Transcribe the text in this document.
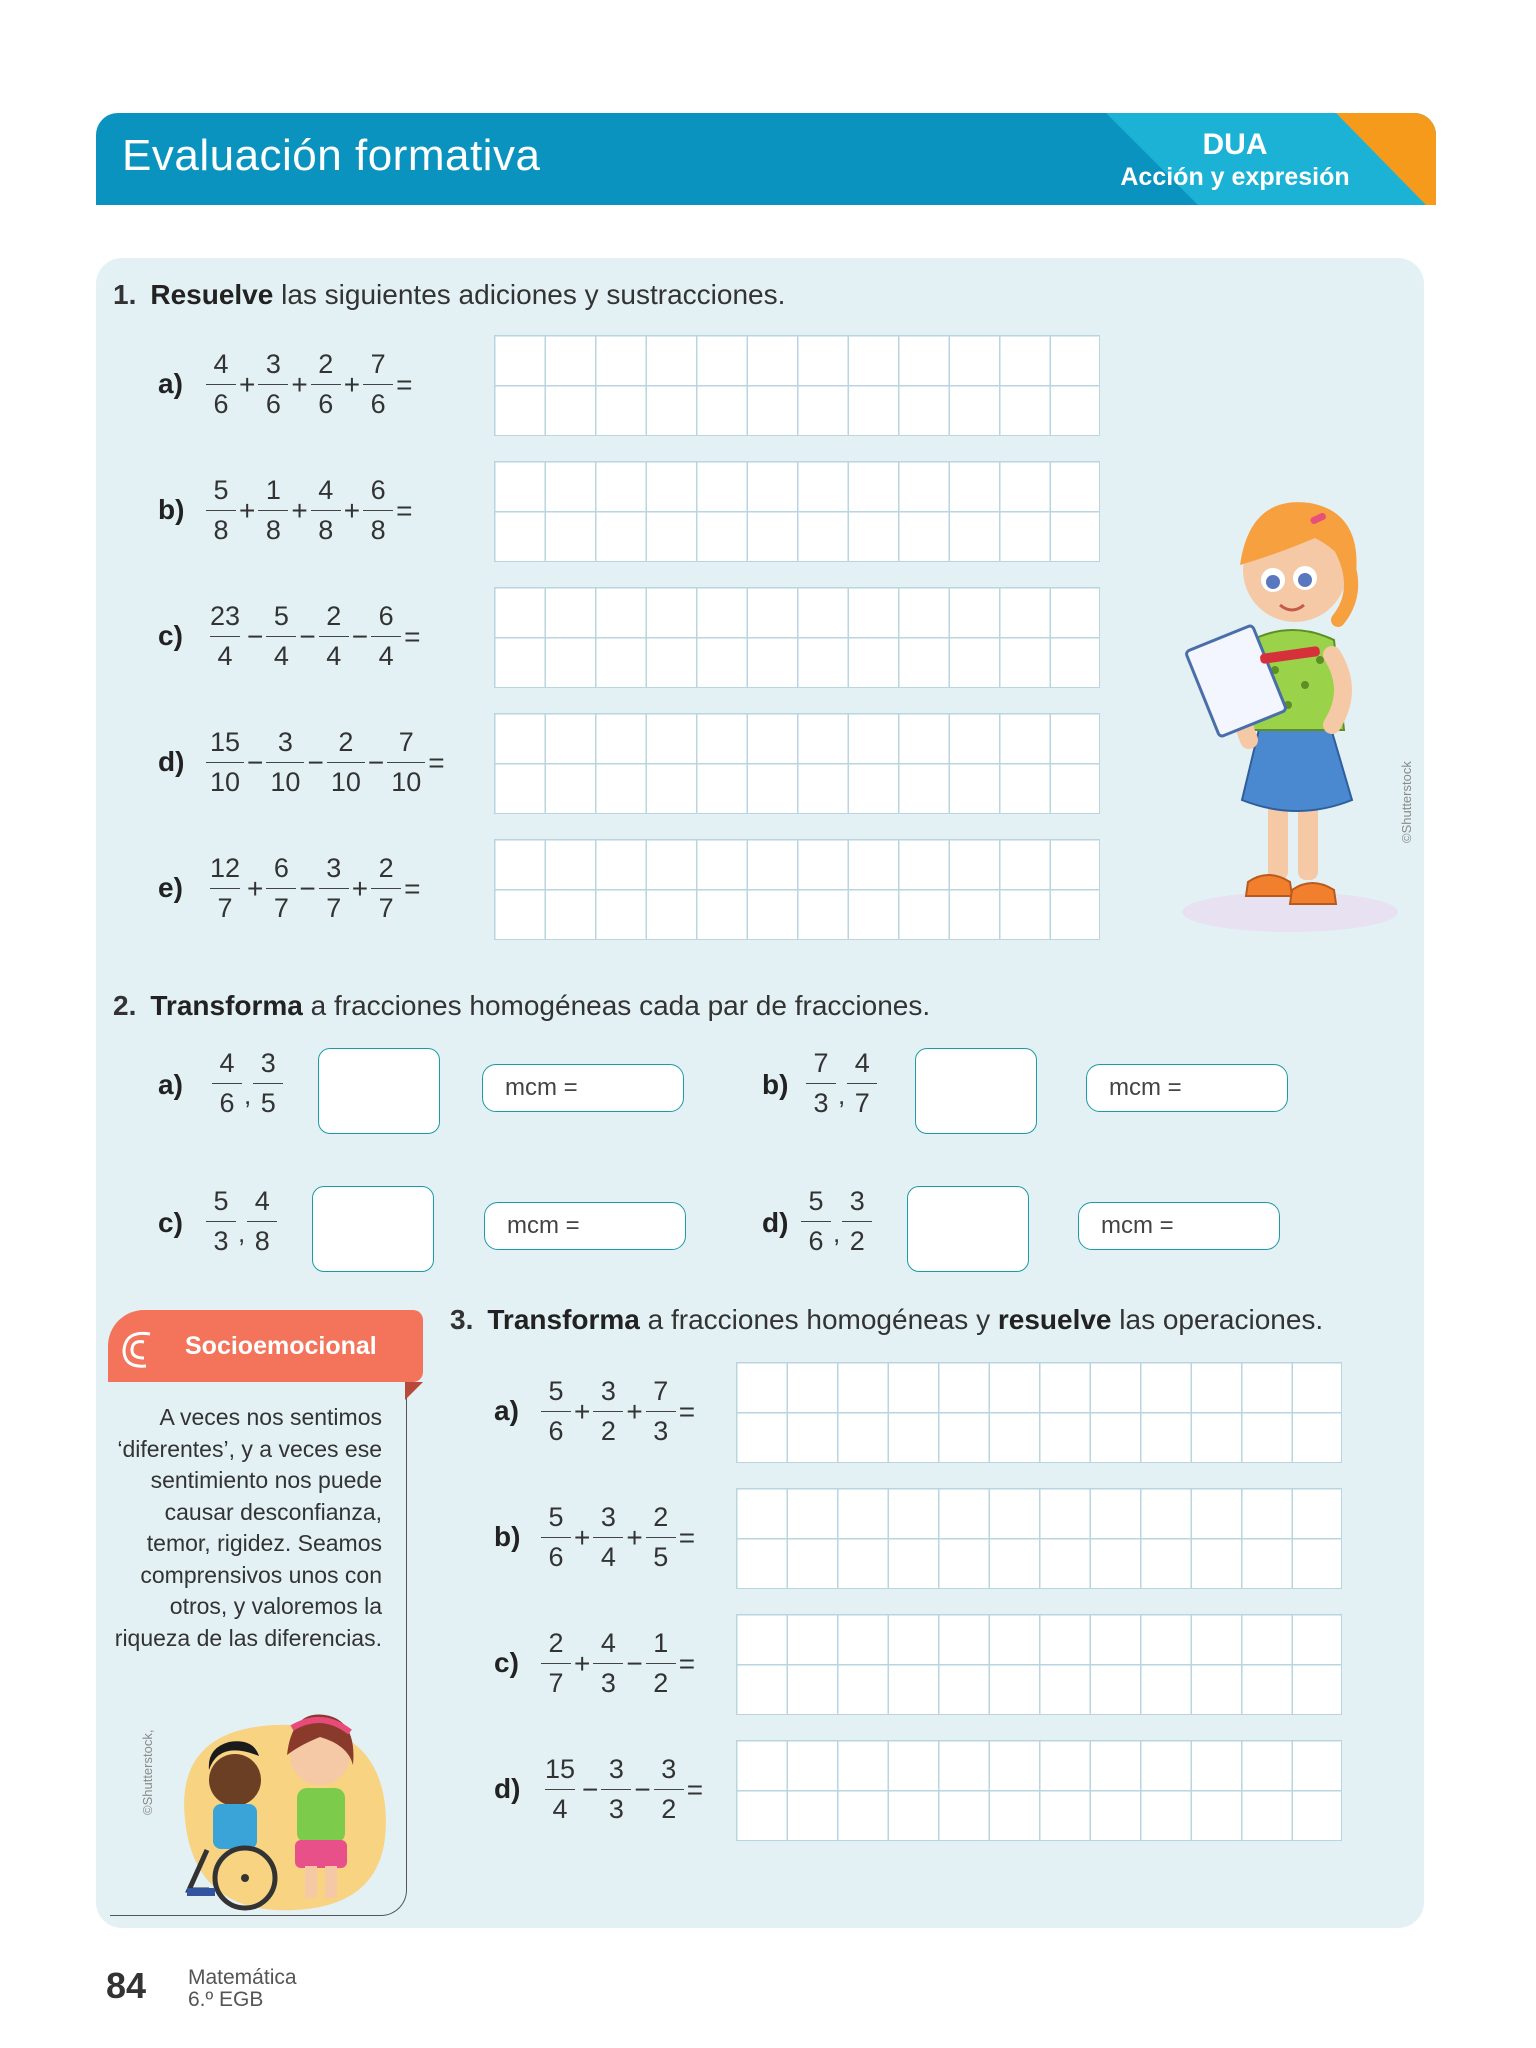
Evaluación formativa	DUA
Acción y expresión
1. Resuelve las siguientes adiciones y sustracciones.
$a) \frac{4}{6} + \frac{3}{6} + \frac{2}{6} + \frac{7}{6}$ =
$b) \frac{5}{8} + \frac{1}{8} + \frac{4}{8} + \frac{6}{8}$ =
$c) \frac{23}{4} - \frac{5}{4} - \frac{2}{4} - \frac{6}{4}$ =
$d) \frac{15}{10} - \frac{3}{10} - \frac{2}{10} - \frac{7}{10}$ =
$e) \frac{12}{7} + \frac{6}{7} - \frac{3}{7} + \frac{2}{7}$ =
©Shutterstock
2. Transforma a fracciones homogéneas cada par de fracciones.
$a) \frac{4}{6}$ , $\frac{3}{5}$	mcm =	$b) \frac{7}{3}$ , $\frac{4}{7}$	mcm =
$c) \frac{5}{3}$ , $\frac{4}{8}$	mcm =	$d) \frac{5}{6}$ , $\frac{3}{2}$	mcm =
3. Transforma a fracciones homogéneas y resuelve las operaciones.
$a) \frac{5}{6} + \frac{3}{2} + \frac{7}{3}$ =
$b) \frac{5}{6} + \frac{3}{4} + \frac{2}{5}$ =
$c) \frac{2}{7} + \frac{4}{3} - \frac{1}{2}$ =
$d) \frac{15}{4} - \frac{3}{3} - \frac{3}{2}$ =
Socioemocional
A veces nos sentimos ‘diferentes’, y a veces ese sentimiento nos puede causar desconfianza, temor, rigidez. Seamos comprensivos unos con otros, y valoremos la riqueza de las diferencias.
©Shutterstock,
84 Matemática
6.º EGB
